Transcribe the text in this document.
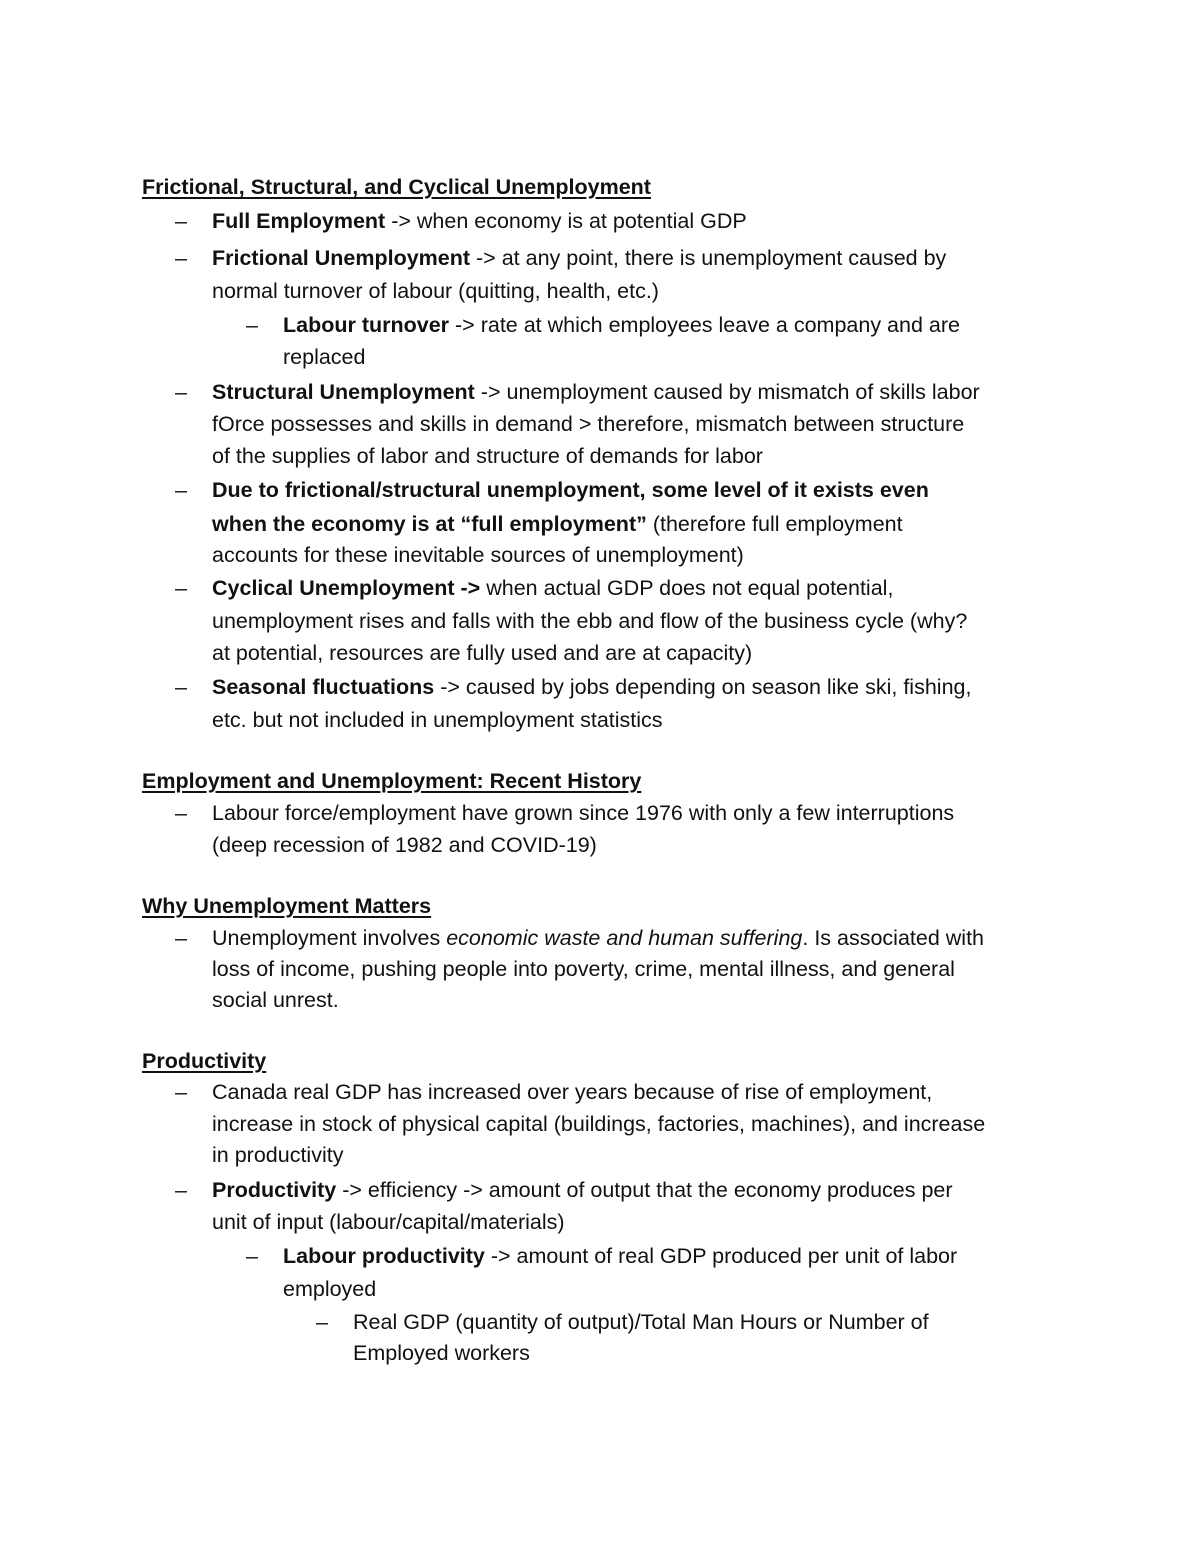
Frictional, Structural, and Cyclical Unemployment
–	Full Employment -> when economy is at potential GDP
–	Frictional Unemployment -> at any point, there is unemployment caused by
normal turnover of labour (quitting, health, etc.)
–	Labour turnover -> rate at which employees leave a company and are
replaced
–	Structural Unemployment -> unemployment caused by mismatch of skills labor
fOrce possesses and skills in demand > therefore, mismatch between structure
of the supplies of labor and structure of demands for labor
–	Due to frictional/structural unemployment, some level of it exists even
when the economy is at “full employment” (therefore full employment
accounts for these inevitable sources of unemployment)
–	Cyclical Unemployment -> when actual GDP does not equal potential,
unemployment rises and falls with the ebb and flow of the business cycle (why?
at potential, resources are fully used and are at capacity)
–	Seasonal fluctuations -> caused by jobs depending on season like ski, fishing,
etc. but not included in unemployment statistics
Employment and Unemployment: Recent History
–	Labour force/employment have grown since 1976 with only a few interruptions
(deep recession of 1982 and COVID-19)
Why Unemployment Matters
–	Unemployment involves economic waste and human suffering. Is associated with
loss of income, pushing people into poverty, crime, mental illness, and general
social unrest.
Productivity
–	Canada real GDP has increased over years because of rise of employment,
increase in stock of physical capital (buildings, factories, machines), and increase
in productivity
–	Productivity -> efficiency -> amount of output that the economy produces per
unit of input (labour/capital/materials)
–	Labour productivity -> amount of real GDP produced per unit of labor
employed
–	Real GDP (quantity of output)/Total Man Hours or Number of
Employed workers
